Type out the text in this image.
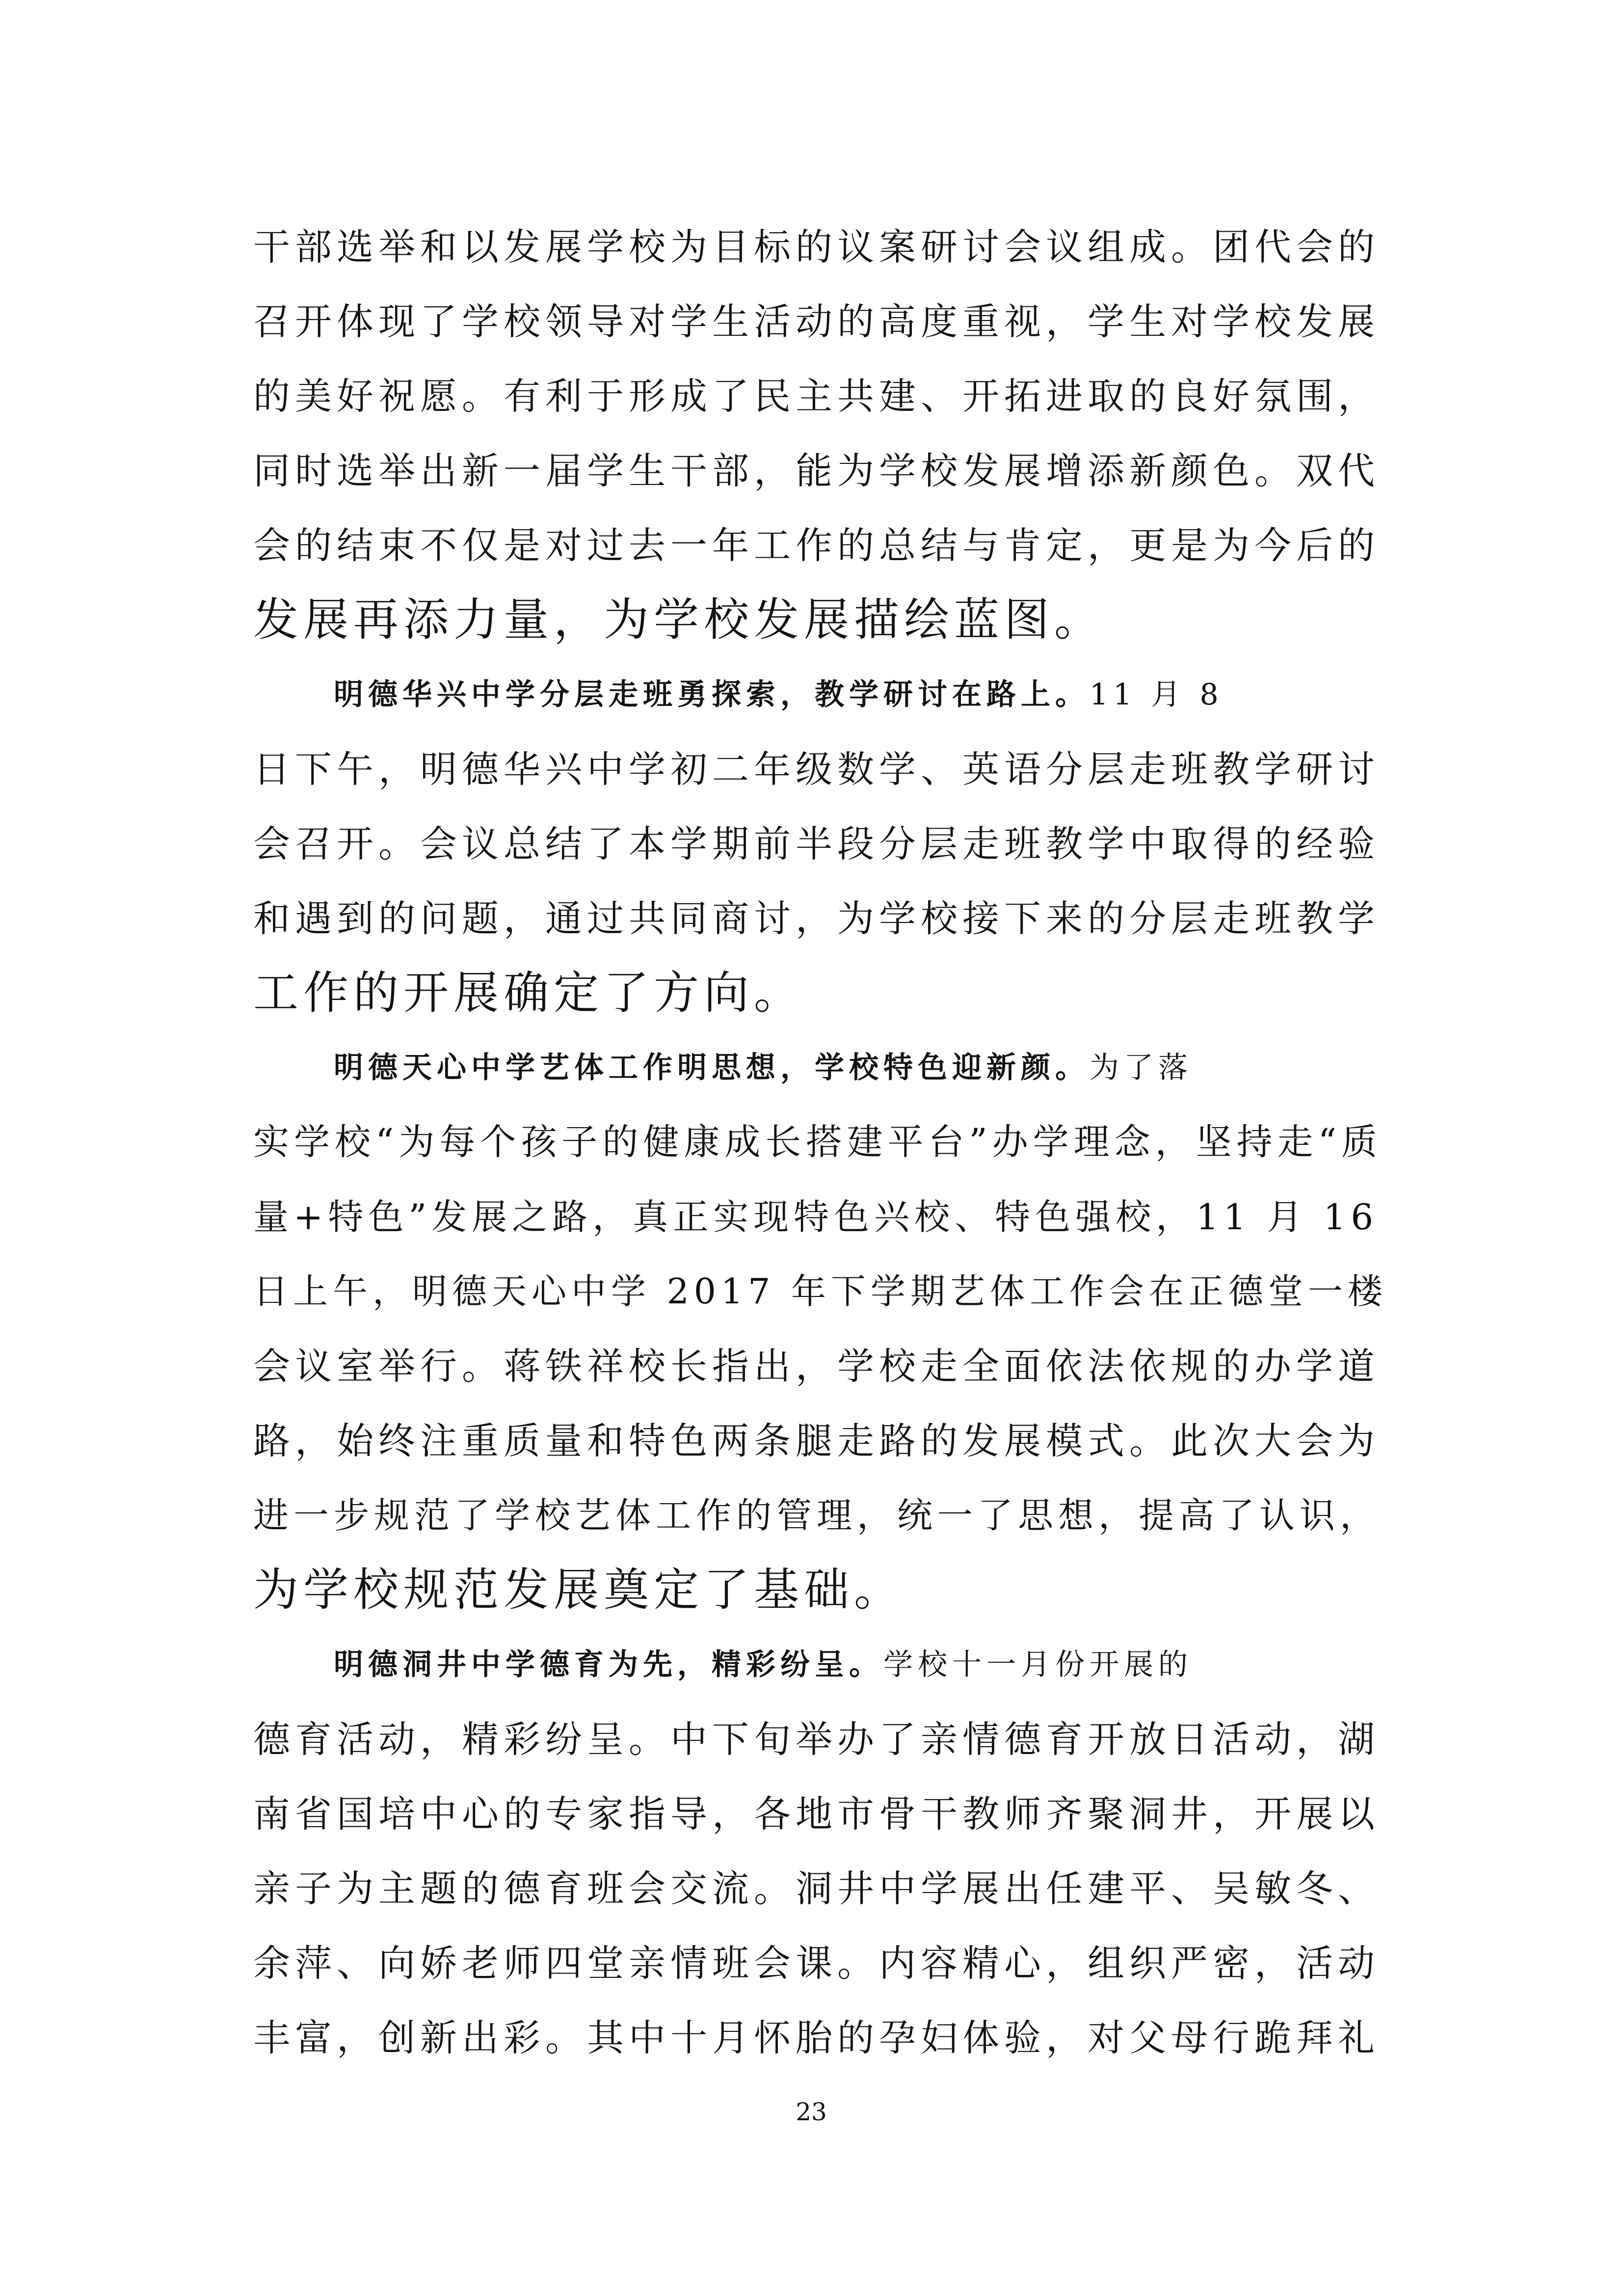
干部选举和以发展学校为目标的议案研讨会议组成。团代会的
召开体现了学校领导对学生活动的高度重视，学生对学校发展
的美好祝愿。有利于形成了民主共建、开拓进取的良好氛围，
同时选举出新一届学生干部，能为学校发展增添新颜色。双代
会的结束不仅是对过去一年工作的总结与肯定，更是为今后的
发展再添力量，为学校发展描绘蓝图。
明德华兴中学分层走班勇探索，教学研讨在路上。11 月 8
日下午，明德华兴中学初二年级数学、英语分层走班教学研讨
会召开。会议总结了本学期前半段分层走班教学中取得的经验
和遇到的问题，通过共同商讨，为学校接下来的分层走班教学
工作的开展确定了方向。
明德天心中学艺体工作明思想，学校特色迎新颜。为了落
实学校“为每个孩子的健康成长搭建平台”办学理念，坚持走“质
量+特色”发展之路，真正实现特色兴校、特色强校，11 月 16
日上午，明德天心中学 2017 年下学期艺体工作会在正德堂一楼
会议室举行。蒋铁祥校长指出，学校走全面依法依规的办学道
路，始终注重质量和特色两条腿走路的发展模式。此次大会为
进一步规范了学校艺体工作的管理，统一了思想，提高了认识，
为学校规范发展奠定了基础。
明德洞井中学德育为先，精彩纷呈。学校十一月份开展的
德育活动，精彩纷呈。中下旬举办了亲情德育开放日活动，湖
南省国培中心的专家指导，各地市骨干教师齐聚洞井，开展以
亲子为主题的德育班会交流。洞井中学展出任建平、吴敏冬、
余萍、向娇老师四堂亲情班会课。内容精心，组织严密，活动
丰富，创新出彩。其中十月怀胎的孕妇体验，对父母行跪拜礼
23
